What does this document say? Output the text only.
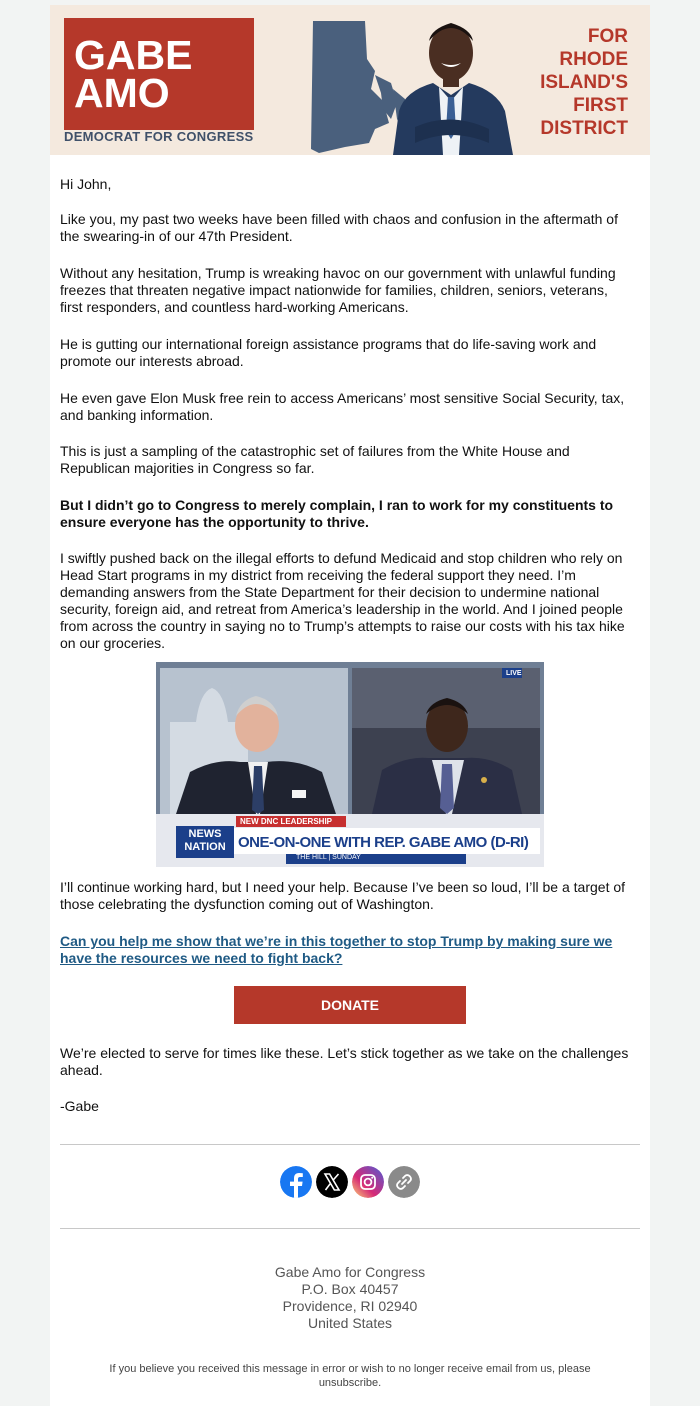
GABE
AMO
DEMOCRAT FOR CONGRESS
FOR
RHODE
ISLAND'S
FIRST
DISTRICT

Hi John,

Like you, my past two weeks have been filled with chaos and confusion in the aftermath of the swearing-in of our 47th President.

Without any hesitation, Trump is wreaking havoc on our government with unlawful funding freezes that threaten negative impact nationwide for families, children, seniors, veterans, first responders, and countless hard-working Americans.

He is gutting our international foreign assistance programs that do life-saving work and promote our interests abroad.

He even gave Elon Musk free rein to access Americans’ most sensitive Social Security, tax, and banking information.

This is just a sampling of the catastrophic set of failures from the White House and Republican majorities in Congress so far.

But I didn’t go to Congress to merely complain, I ran to work for my constituents to ensure everyone has the opportunity to thrive.

I swiftly pushed back on the illegal efforts to defund Medicaid and stop children who rely on Head Start programs in my district from receiving the federal support they need. I’m demanding answers from the State Department for their decision to undermine national security, foreign aid, and retreat from America’s leadership in the world. And I joined people from across the country in saying no to Trump’s attempts to raise our costs with his tax hike on our groceries.

LIVE
NEW DNC LEADERSHIP
NEWS
NATION ONE-ON-ONE WITH REP. GABE AMO (D-RI)
THE HILL | SUNDAY

I’ll continue working hard, but I need your help. Because I’ve been so loud, I’ll be a target of those celebrating the dysfunction coming out of Washington.

Can you help me show that we’re in this together to stop Trump by making sure we have the resources we need to fight back?

DONATE

We’re elected to serve for times like these. Let’s stick together as we take on the challenges ahead.

-Gabe

Gabe Amo for Congress
P.O. Box 40457
Providence, RI 02940
United States
If you believe you received this message in error or wish to no longer receive email from us, please unsubscribe.
